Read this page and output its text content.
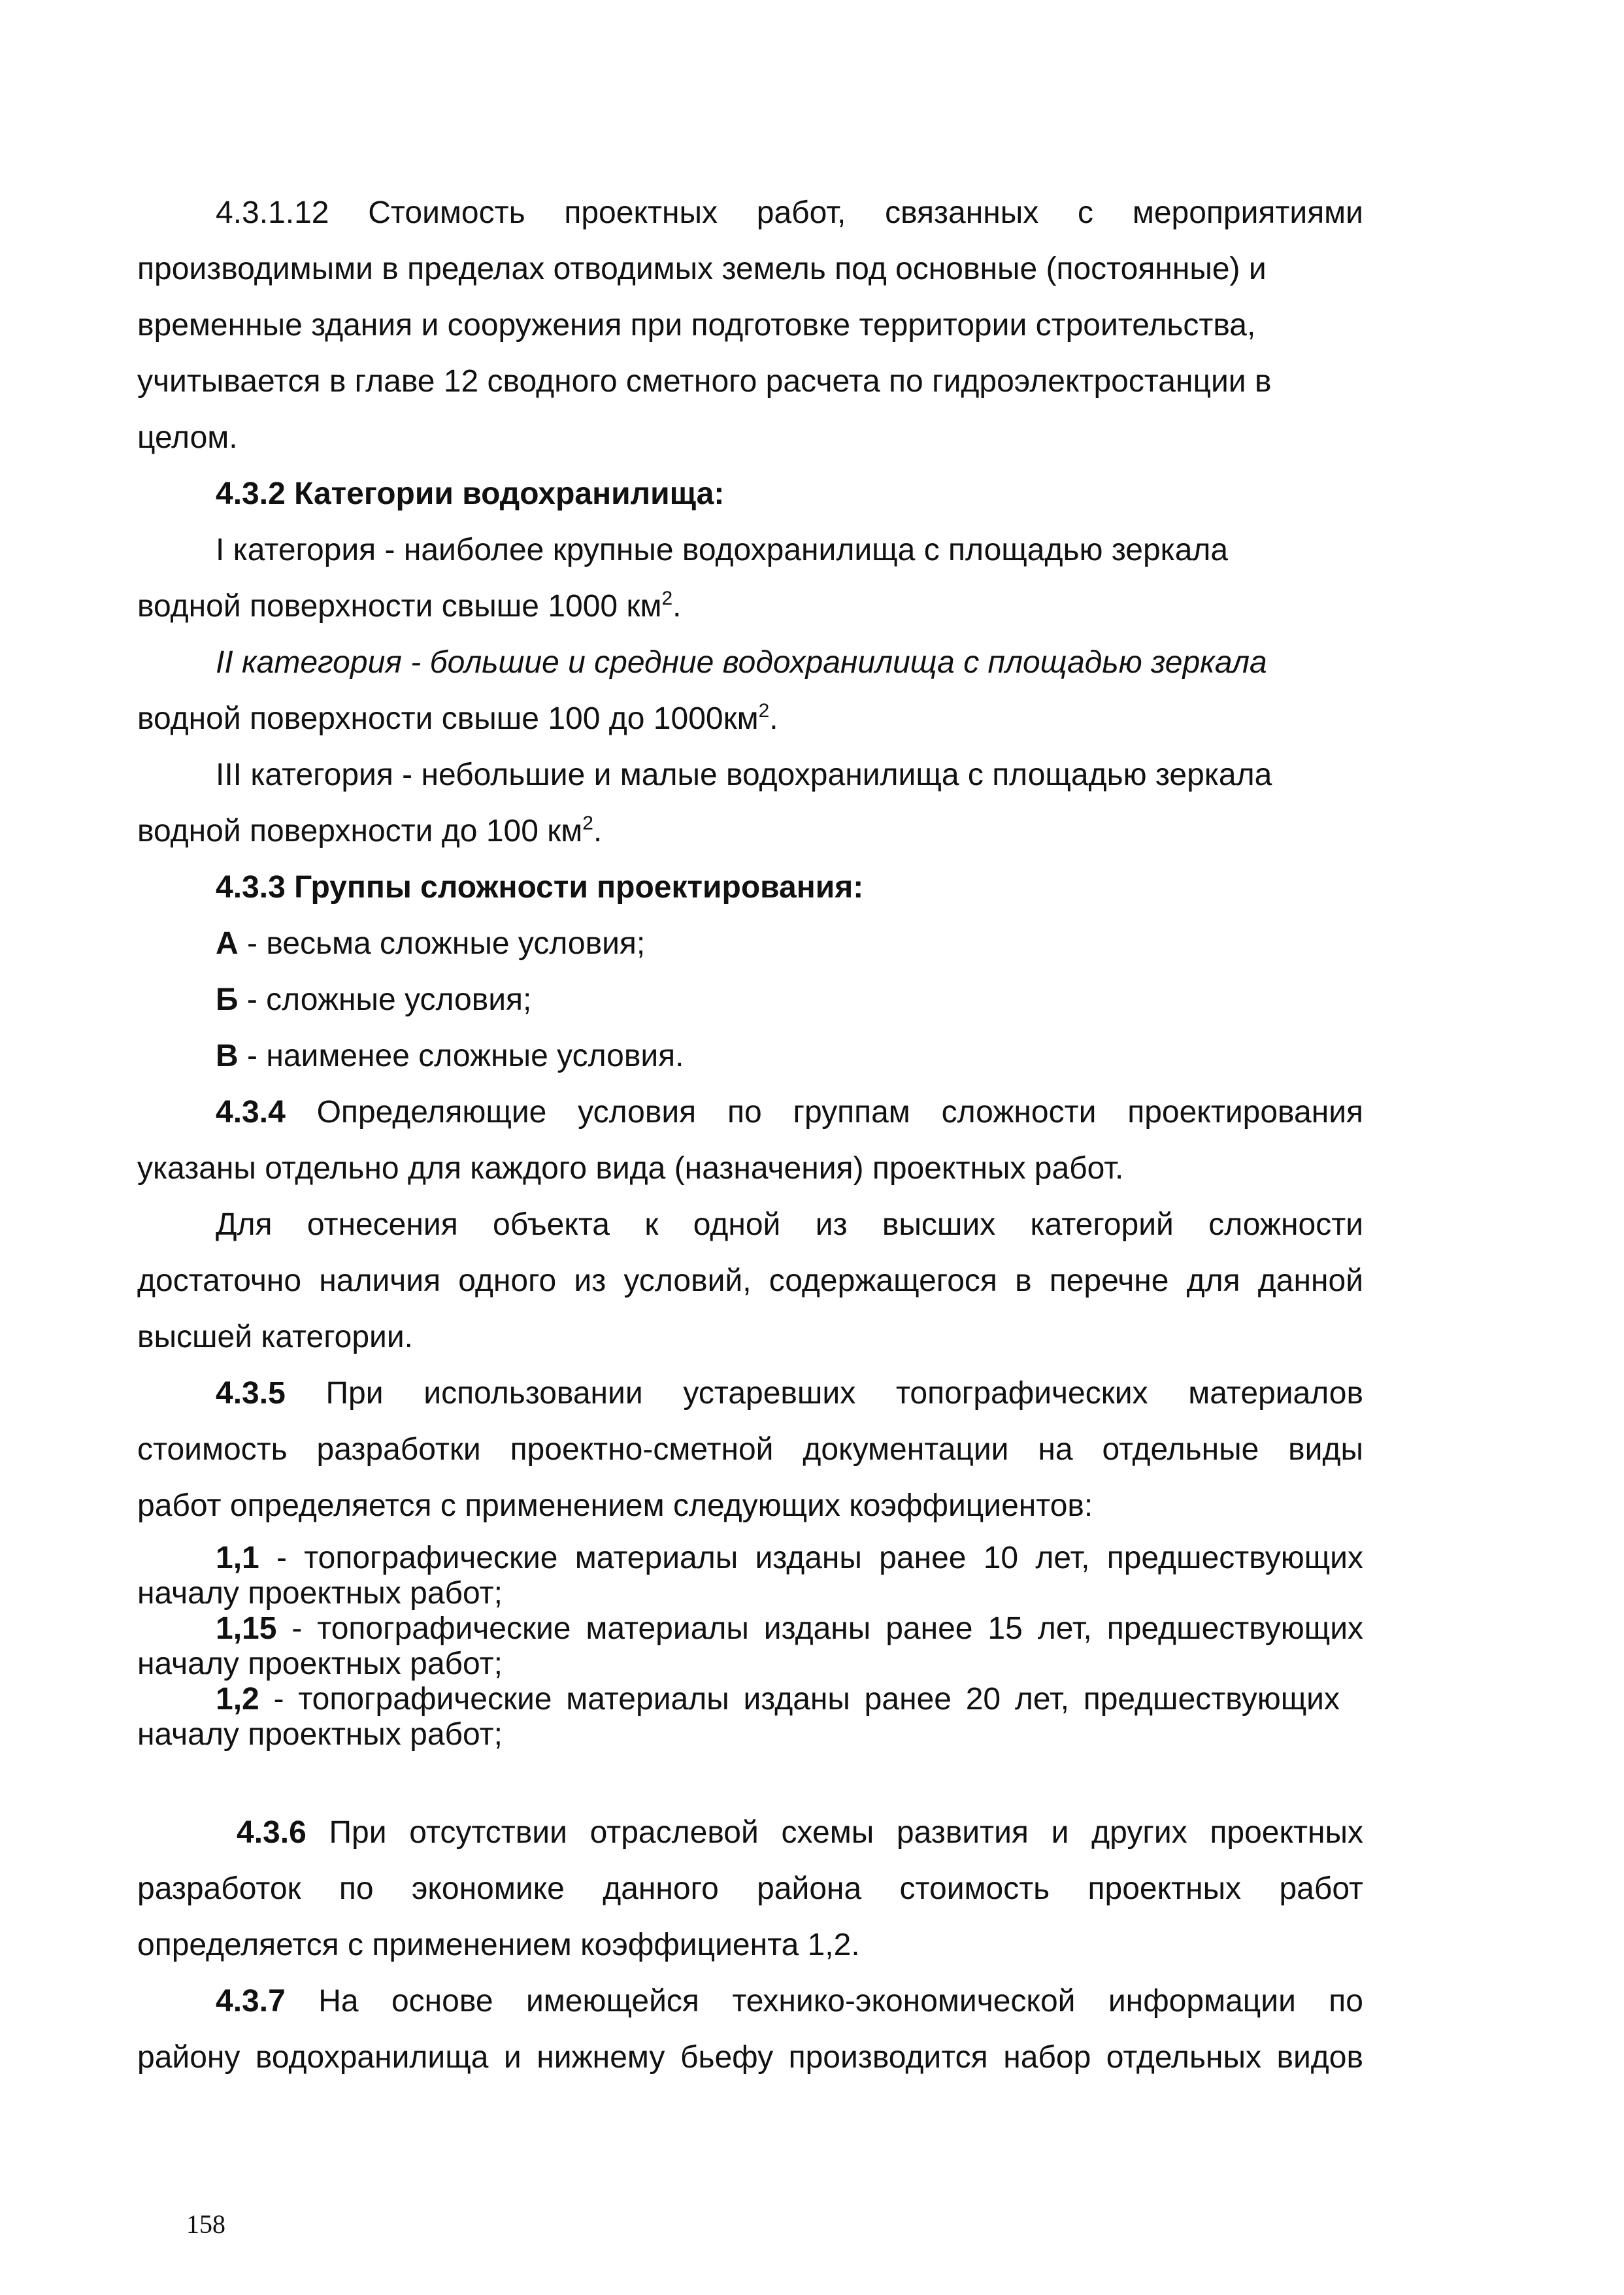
4.3.1.12 Стоимость проектных работ, связанных с мероприятиями
производимыми в пределах отводимых земель под основные (постоянные) и
временные здания и сооружения при подготовке территории строительства,
учитывается в главе 12 сводного сметного расчета по гидроэлектростанции в
целом.
4.3.2 Категории водохранилища:
I категория - наиболее крупные водохранилища с площадью зеркала
водной поверхности свыше 1000 $км^2$.
II категория - большие и средние водохранилища с площадью зеркала
водной поверхности свыше 100 до $1000км^2$.
III категория - небольшие и малые водохранилища с площадью зеркала
водной поверхности до 100 $км^2$.
4.3.3 Группы сложности проектирования:
А - весьма сложные условия;
Б - сложные условия;
В - наименее сложные условия.
4.3.4 Определяющие условия по группам сложности проектирования
указаны отдельно для каждого вида (назначения) проектных работ.
Для отнесения объекта к одной из высших категорий сложности
достаточно наличия одного из условий, содержащегося в перечне для данной
высшей категории.
4.3.5 При использовании устаревших топографических материалов
стоимость разработки проектно-сметной документации на отдельные виды
работ определяется с применением следующих коэффициентов:
1,1 - топографические материалы изданы ранее 10 лет, предшествующих
началу проектных работ;
1,15 - топографические материалы изданы ранее 15 лет, предшествующих
началу проектных работ;
1,2 - топографические материалы изданы ранее 20 лет, предшествующих
началу проектных работ;
4.3.6 При отсутствии отраслевой схемы развития и других проектных
разработок по экономике данного района стоимость проектных работ
определяется с применением коэффициента 1,2.
4.3.7 На основе имеющейся технико-экономической информации по
району водохранилища и нижнему бьефу производится набор отдельных видов
158
